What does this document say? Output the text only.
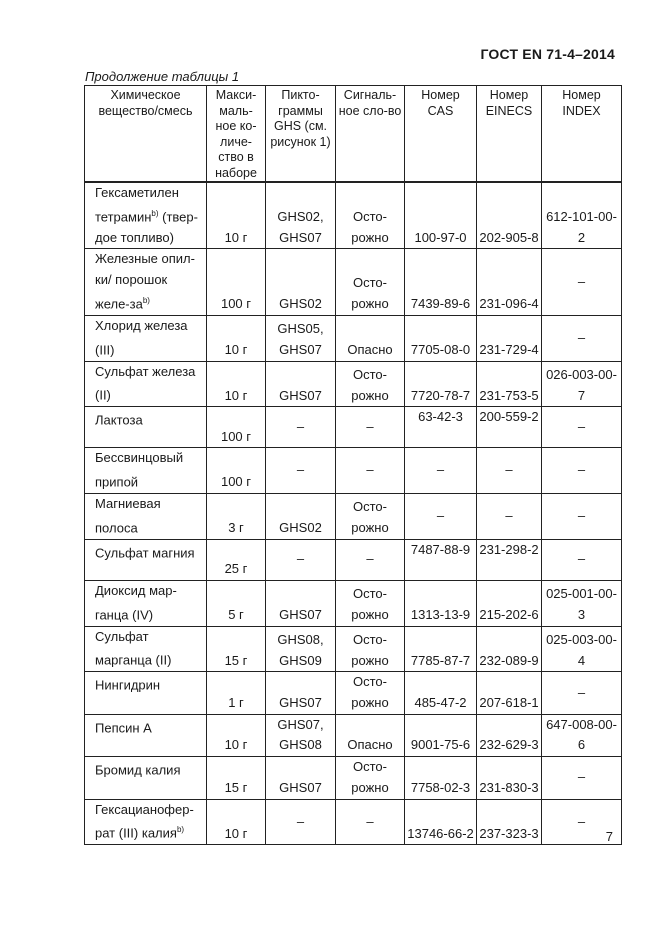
ГОСТ EN 71-4–2014
Продолжение таблицы 1
Химическое вещество/смесь	Макси-маль-ное ко-личе-ство в наборе	Пикто-граммы GHS (см. рисунок 1)	Сигналь-ное сло-во	Номер CAS	Номер EINECS	Номер INDEX
Гексаметилен тетрамин$^{b)}$ (твер-дое топливо)	10 г	GHS02, GHS07	Осто-рожно	100-97-0	202-905-8	612-101-00-2
Железные опил-ки/ порошок желе-$за^{b)}$	100 г	GHS02	Осто-рожно	7439-89-6	231-096-4	–
Хлорид железа (III)	10 г	GHS05, GHS07	Опасно	7705-08-0	231-729-4	–
Сульфат железа (II)	10 г	GHS07	Осто-рожно	7720-78-7	231-753-5	026-003-00-7
Лактоза	100 г	–	–	63-42-3	200-559-2	–
Бессвинцовый припой	100 г	–	–	–	–	–
Магниевая полоса	3 г	GHS02	Осто-рожно	–	–	–
Сульфат магния	25 г	–	–	7487-88-9	231-298-2	–
Диоксид мар-ганца (IV)	5 г	GHS07	Осто-рожно	1313-13-9	215-202-6	025-001-00-3
Сульфат марганца (II)	15 г	GHS08, GHS09	Осто-рожно	7785-87-7	232-089-9	025-003-00-4
Нингидрин	1 г	GHS07	Осто-рожно	485-47-2	207-618-1	–
Пепсин А	10 г	GHS07, GHS08	Опасно	9001-75-6	232-629-3	647-008-00-6
Бромид калия	15 г	GHS07	Осто-рожно	7758-02-3	231-830-3	–
Гексацианофер-рат (III) калия$^{b)}$	10 г	–	–	13746-66-2	237-323-3	–
7
